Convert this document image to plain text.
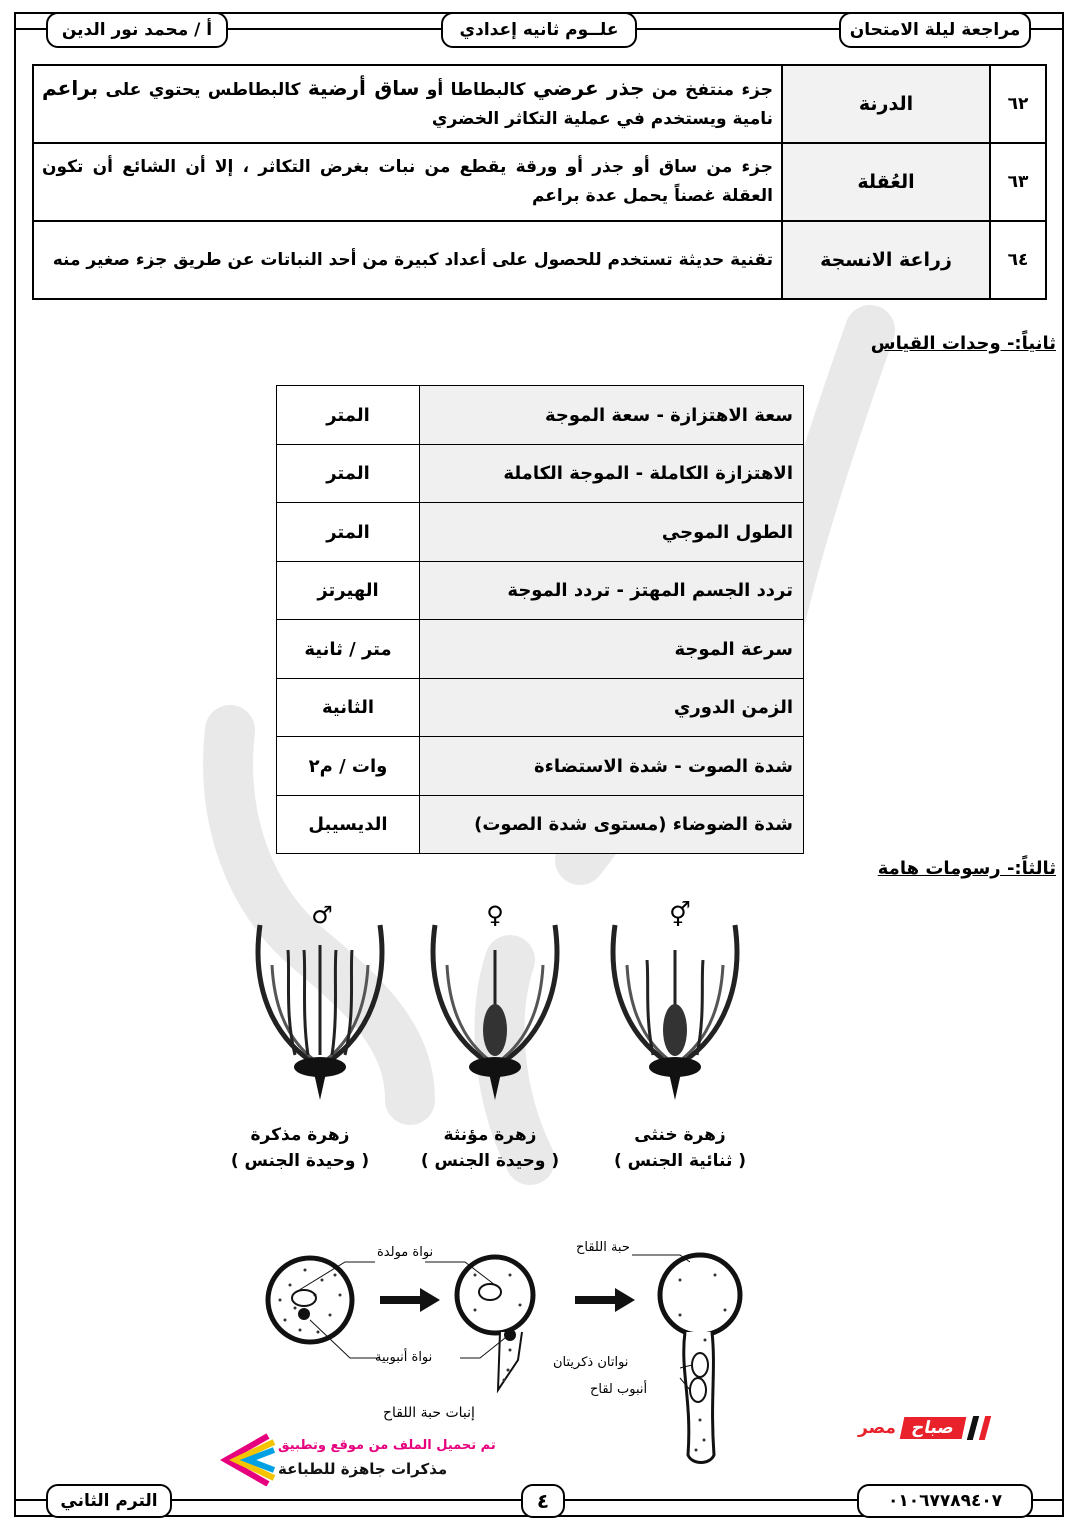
أ / محمد نور الدين	علــوم ثانيه إعدادي	مراجعة ليلة الامتحان
٦٢	الدرنة	جزء منتفخ من جذر عرضي كالبطاطا أو ساق أرضية كالبطاطس يحتوي على براعم نامية ويستخدم في عملية التكاثر الخضري
٦٣	العُقلة	جزء من ساق أو جذر أو ورقة يقطع من نبات بغرض التكاثر ، إلا أن الشائع أن تكون العقلة غصناً يحمل عدة براعم
٦٤	زراعة الانسجة	تقنية حديثة تستخدم للحصول على أعداد كبيرة من أحد النباتات عن طريق جزء صغير منه
ثانياً:- وحدات القياس
سعة الاهتزازة - سعة الموجة	المتر
الاهتزازة الكاملة - الموجة الكاملة	المتر
الطول الموجي	المتر
تردد الجسم المهتز - تردد الموجة	الهيرتز
سرعة الموجة	متر / ثانية
الزمن الدوري	الثانية
شدة الصوت - شدة الاستضاءة	وات / م٢
شدة الضوضاء (مستوى شدة الصوت)	الديسيبل
ثالثاً:- رسومات هامة
♂	♀	⚥
زهرة مذكرة
( وحيدة الجنس )
زهرة مؤنثة
( وحيدة الجنس )
زهرة خنثى
( ثنائية الجنس )
نواة مولدة	حبة اللقاح
نواة أنبوبية	نواتان ذكريتان
أنبوب لقاح
إنبات حبة اللقاح
مصر صباح
تم تحميل الملف من موقع وتطبيق
مذكرات جاهزة للطباعة
الترم الثاني	٤	٠١٠٦٧٧٨٩٤٠٧
